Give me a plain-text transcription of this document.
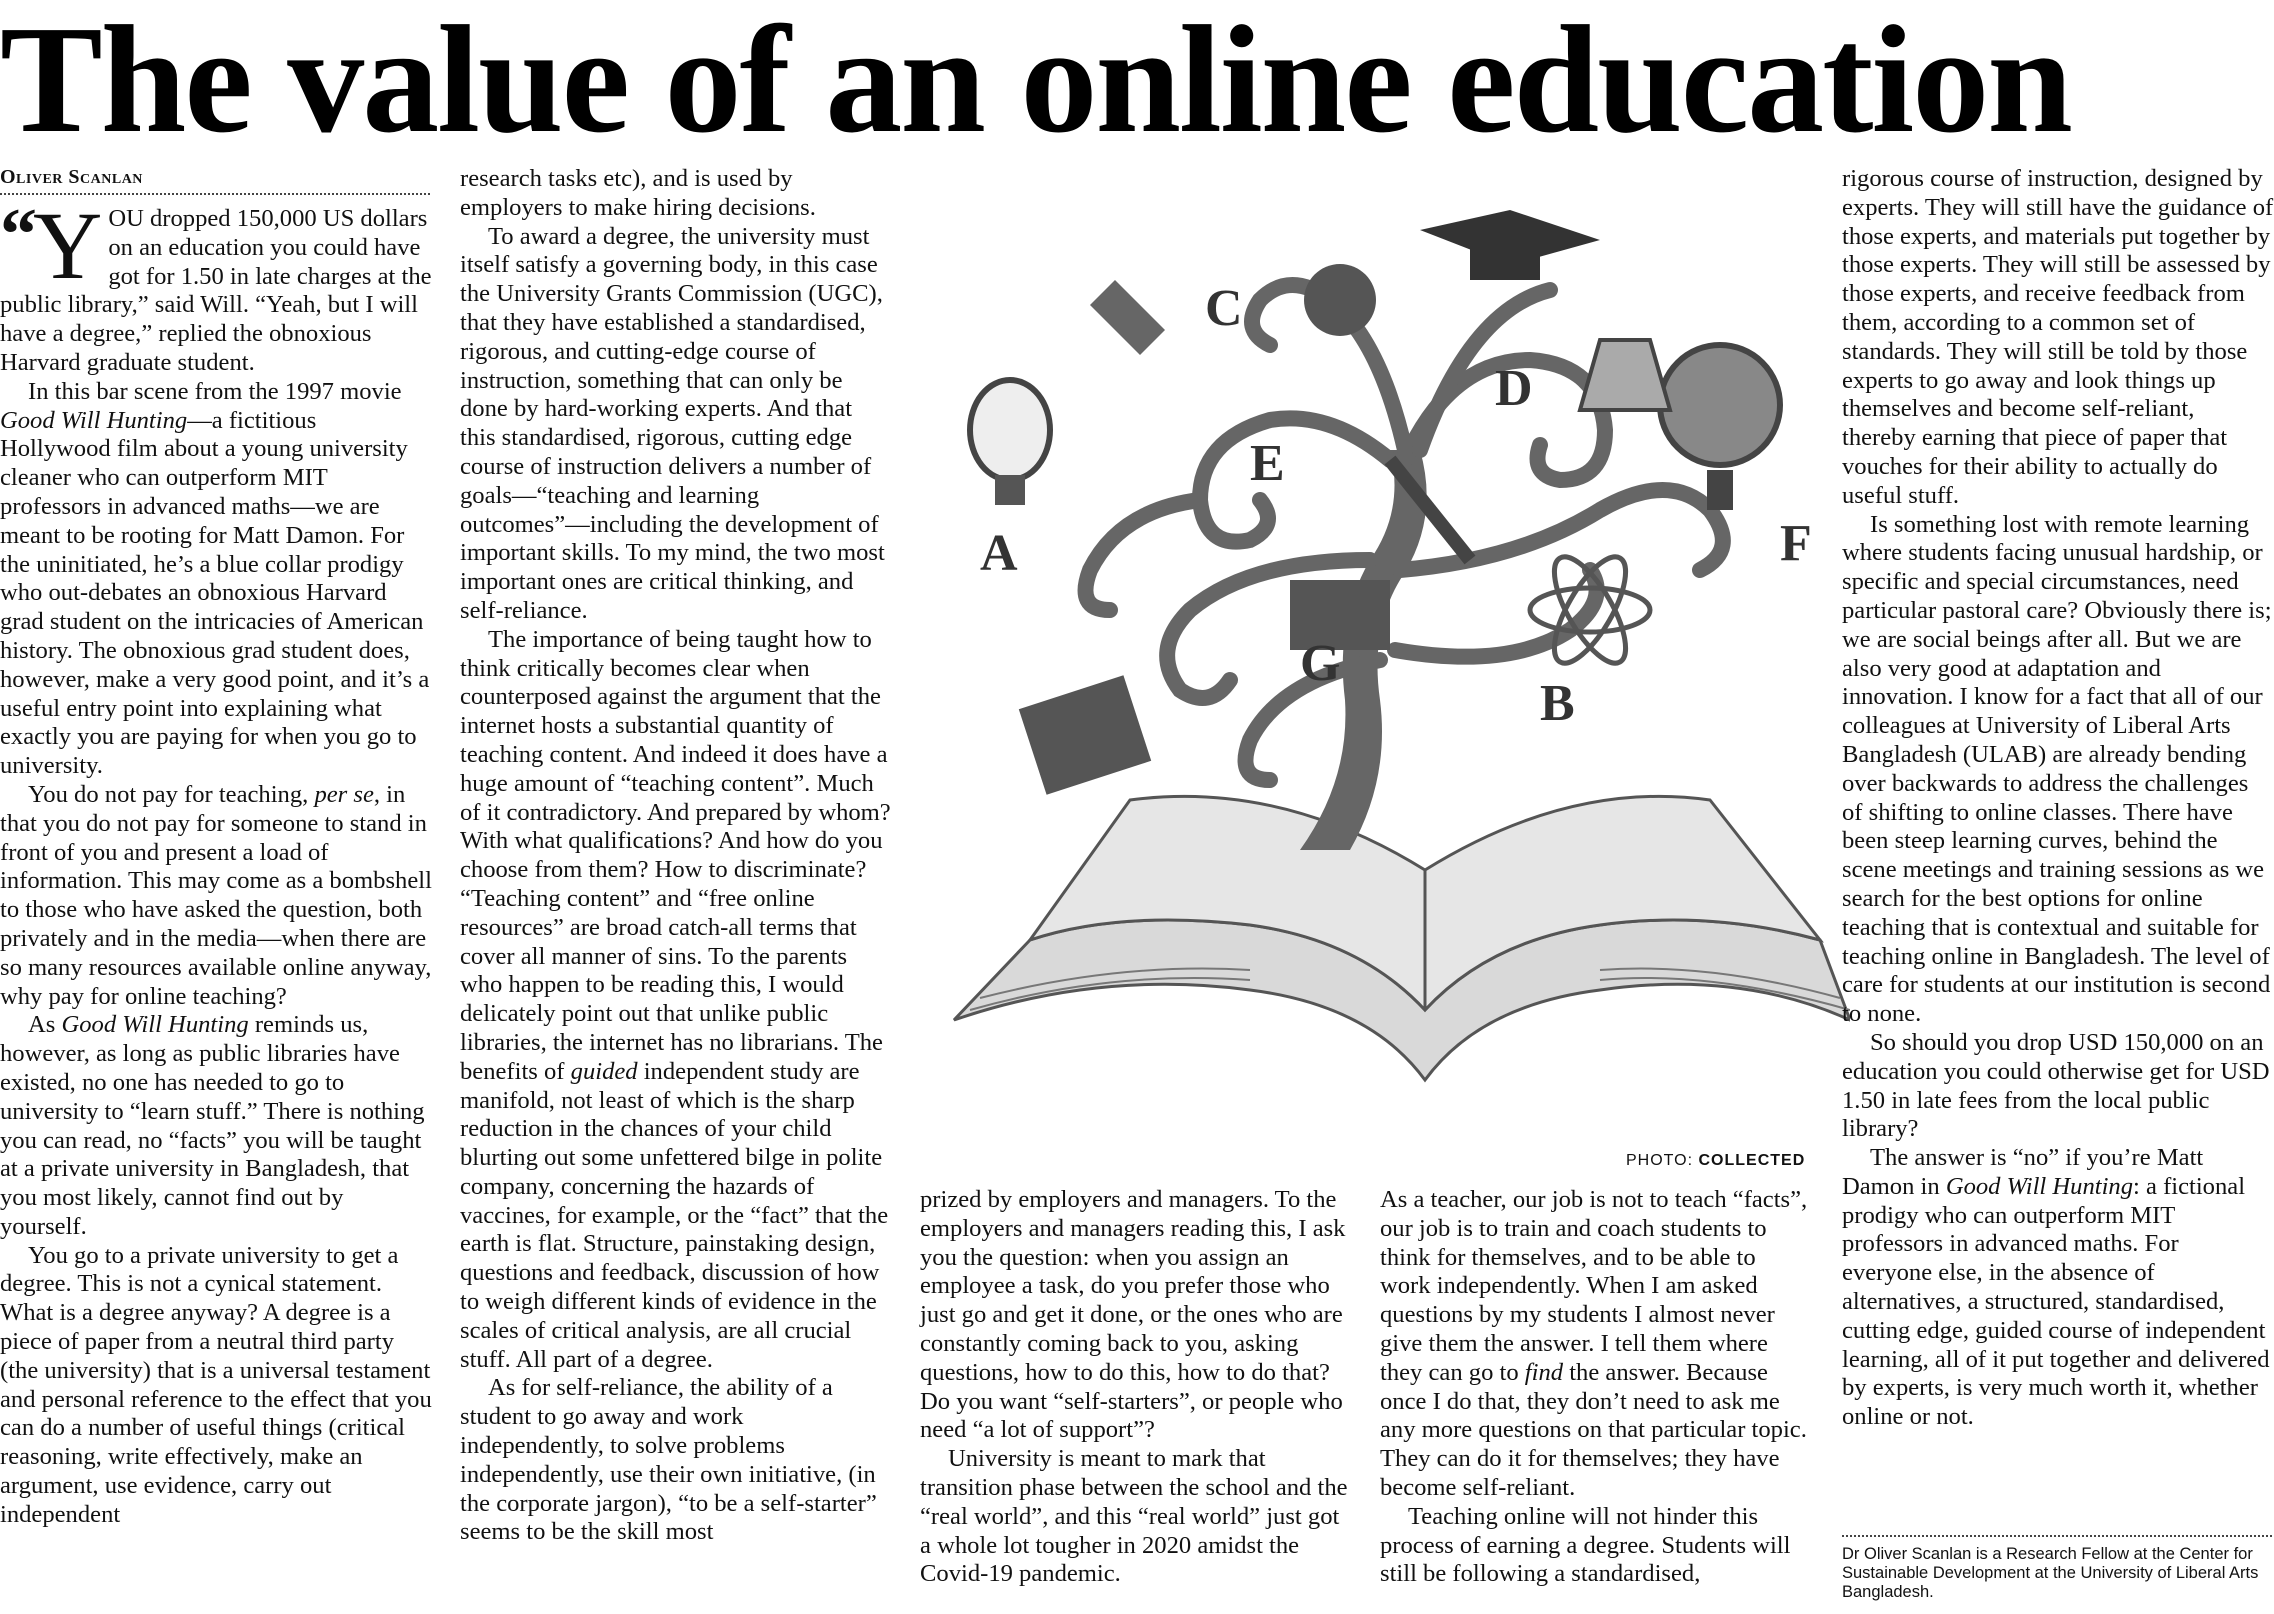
The value of an online education
Oliver Scanlan

“
Y OU dropped 150,000 US dollars on an education you could have got for 1.50 in late charges at the public library,” said Will. “Yeah, but I will have a degree,” replied the obnoxious Harvard graduate student.

In this bar scene from the 1997 movie Good Will Hunting—a fictitious Hollywood film about a young university cleaner who can outperform MIT professors in advanced maths—we are meant to be rooting for Matt Damon. For the uninitiated, he’s a blue collar prodigy who out-debates an obnoxious Harvard grad student on the intricacies of American history. The obnoxious grad student does, however, make a very good point, and it’s a useful entry point into explaining what exactly you are paying for when you go to university.

You do not pay for teaching, per se, in that you do not pay for someone to stand in front of you and present a load of information. This may come as a bombshell to those who have asked the question, both privately and in the media—when there are so many resources available online anyway, why pay for online teaching?

As Good Will Hunting reminds us, however, as long as public libraries have existed, no one has needed to go to university to “learn stuff.” There is nothing you can read, no “facts” you will be taught at a private university in Bangladesh, that you most likely, cannot find out by yourself.

You go to a private university to get a degree. This is not a cynical statement. What is a degree anyway? A degree is a piece of paper from a neutral third party (the university) that is a universal testament and personal reference to the effect that you can do a number of useful things (critical reasoning, write effectively, make an argument, use evidence, carry out independent

research tasks etc), and is used by employers to make hiring decisions.

To award a degree, the university must itself satisfy a governing body, in this case the University Grants Commission (UGC), that they have established a standardised, rigorous, and cutting-edge course of instruction, something that can only be done by hard-working experts. And that this standardised, rigorous, cutting edge course of instruction delivers a number of goals—“teaching and learning outcomes”—including the development of important skills. To my mind, the two most important ones are critical thinking, and self-reliance.

The importance of being taught how to think critically becomes clear when counterposed against the argument that the internet hosts a substantial quantity of teaching content. And indeed it does have a huge amount of “teaching content”. Much of it contradictory. And prepared by whom? With what qualifications? And how do you choose from them? How to discriminate? “Teaching content” and “free online resources” are broad catch-all terms that cover all manner of sins. To the parents who happen to be reading this, I would delicately point out that unlike public libraries, the internet has no librarians. The benefits of guided independent study are manifold, not least of which is the sharp reduction in the chances of your child blurting out some unfettered bilge in polite company, concerning the hazards of vaccines, for example, or the “fact” that the earth is flat. Structure, painstaking design, questions and feedback, discussion of how to weigh different kinds of evidence in the scales of critical analysis, are all crucial stuff. All part of a degree.

As for self-reliance, the ability of a student to go away and work independently, to solve problems independently, use their own initiative, (in the corporate jargon), “to be a self-starter” seems to be the skill most

C
D
G
B
E
A	F
PHOTO: COLLECTED

prized by employers and managers. To the employers and managers reading this, I ask you the question: when you assign an employee a task, do you prefer those who just go and get it done, or the ones who are constantly coming back to you, asking questions, how to do this, how to do that? Do you want “self-starters”, or people who need “a lot of support”?

University is meant to mark that transition phase between the school and the “real world”, and this “real world” just got a whole lot tougher in 2020 amidst the Covid-19 pandemic.

As a teacher, our job is not to teach “facts”, our job is to train and coach students to think for themselves, and to be able to work independently. When I am asked questions by my students I almost never give them the answer. I tell them where they can go to find the answer. Because once I do that, they don’t need to ask me any more questions on that particular topic. They can do it for themselves; they have become self-reliant.

Teaching online will not hinder this process of earning a degree. Students will still be following a standardised,

rigorous course of instruction, designed by experts. They will still have the guidance of those experts, and materials put together by those experts. They will still be assessed by those experts, and receive feedback from them, according to a common set of standards. They will still be told by those experts to go away and look things up themselves and become self-reliant, thereby earning that piece of paper that vouches for their ability to actually do useful stuff.

Is something lost with remote learning where students facing unusual hardship, or specific and special circumstances, need particular pastoral care? Obviously there is; we are social beings after all. But we are also very good at adaptation and innovation. I know for a fact that all of our colleagues at University of Liberal Arts Bangladesh (ULAB) are already bending over backwards to address the challenges of shifting to online classes. There have been steep learning curves, behind the scene meetings and training sessions as we search for the best options for online teaching that is contextual and suitable for teaching online in Bangladesh. The level of care for students at our institution is second to none.

So should you drop USD 150,000 on an education you could otherwise get for USD 1.50 in late fees from the local public library?

The answer is “no” if you’re Matt Damon in Good Will Hunting: a fictional prodigy who can outperform MIT professors in advanced maths. For everyone else, in the absence of alternatives, a structured, standardised, cutting edge, guided course of independent learning, all of it put together and delivered by experts, is very much worth it, whether online or not.

Dr Oliver Scanlan is a Research Fellow at the Center for Sustainable Development at the University of Liberal Arts Bangladesh.
